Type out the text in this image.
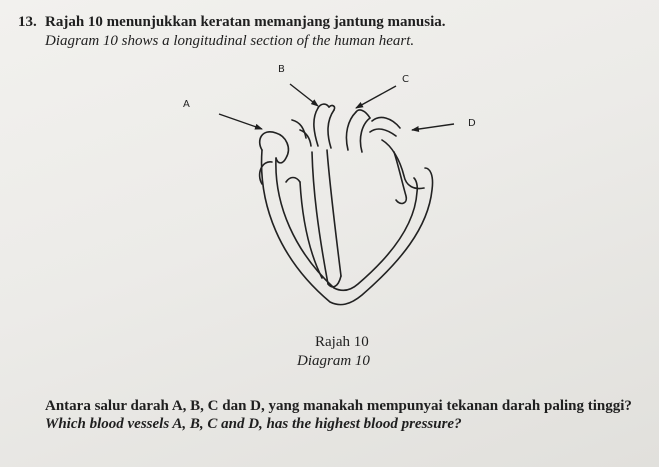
13. Rajah 10 menunjukkan keratan memanjang jantung manusia.
Diagram 10 shows a longitudinal section of the human heart.
A
B
C
D
Rajah 10
Diagram 10
Antara salur darah A, B, C dan D, yang manakah mempunyai tekanan darah paling tinggi?
Which blood vessels A, B, C and D, has the highest blood pressure?
